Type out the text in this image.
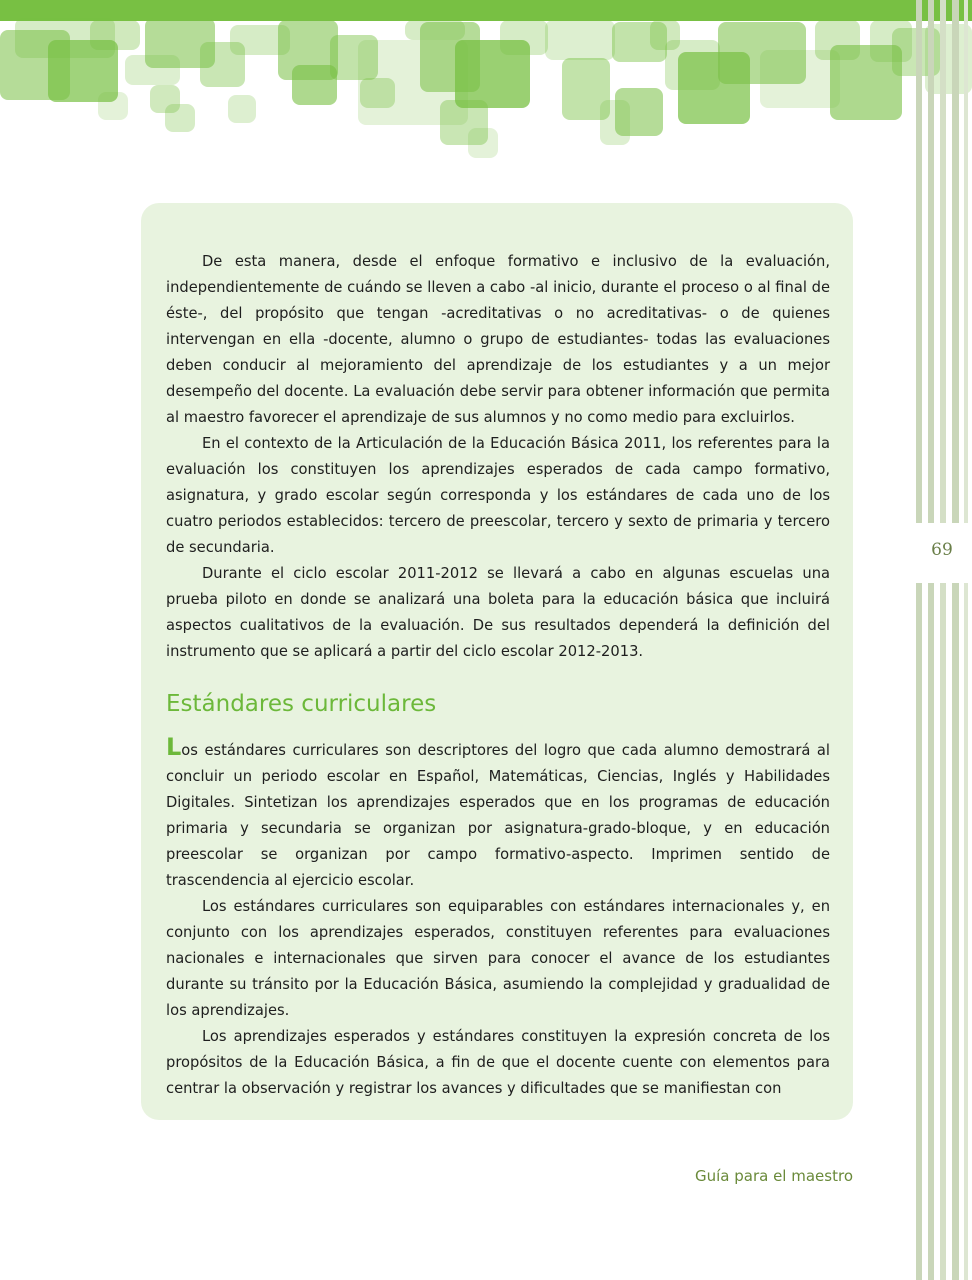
69

De esta manera, desde el enfoque formativo e inclusivo de la evaluación, independientemente de cuándo se lleven a cabo -al inicio, durante el proceso o al final de éste-, del propósito que tengan -acreditativas o no acreditativas- o de quienes intervengan en ella -docente, alumno o grupo de estudiantes- todas las evaluaciones deben conducir al mejoramiento del aprendizaje de los estudiantes y a un mejor desempeño del docente. La evaluación debe servir para obtener información que permita al maestro favorecer el aprendizaje de sus alumnos y no como medio para excluirlos.

En el contexto de la Articulación de la Educación Básica 2011, los referentes para la evaluación los constituyen los aprendizajes esperados de cada campo formativo, asignatura, y grado escolar según corresponda y los estándares de cada uno de los cuatro periodos establecidos: tercero de preescolar, tercero y sexto de primaria y tercero de secundaria.

Durante el ciclo escolar 2011-2012 se llevará a cabo en algunas escuelas una prueba piloto en donde se analizará una boleta para la educación básica que incluirá aspectos cualitativos de la evaluación. De sus resultados dependerá la definición del instrumento que se aplicará a partir del ciclo escolar 2012-2013.

Estándares curriculares

Los estándares curriculares son descriptores del logro que cada alumno demostrará al concluir un periodo escolar en Español, Matemáticas, Ciencias, Inglés y Habilidades Digitales. Sintetizan los aprendizajes esperados que en los programas de educación primaria y secundaria se organizan por asignatura-grado-bloque, y en educación preescolar se organizan por campo formativo-aspecto. Imprimen sentido de trascendencia al ejercicio escolar.

Los estándares curriculares son equiparables con estándares internacionales y, en conjunto con los aprendizajes esperados, constituyen referentes para evaluaciones nacionales e internacionales que sirven para conocer el avance de los estudiantes durante su tránsito por la Educación Básica, asumiendo la complejidad y gradualidad de los aprendizajes.

Los aprendizajes esperados y estándares constituyen la expresión concreta de los propósitos de la Educación Básica, a fin de que el docente cuente con elementos para centrar la observación y registrar los avances y dificultades que se manifiestan con

Guía para el maestro
